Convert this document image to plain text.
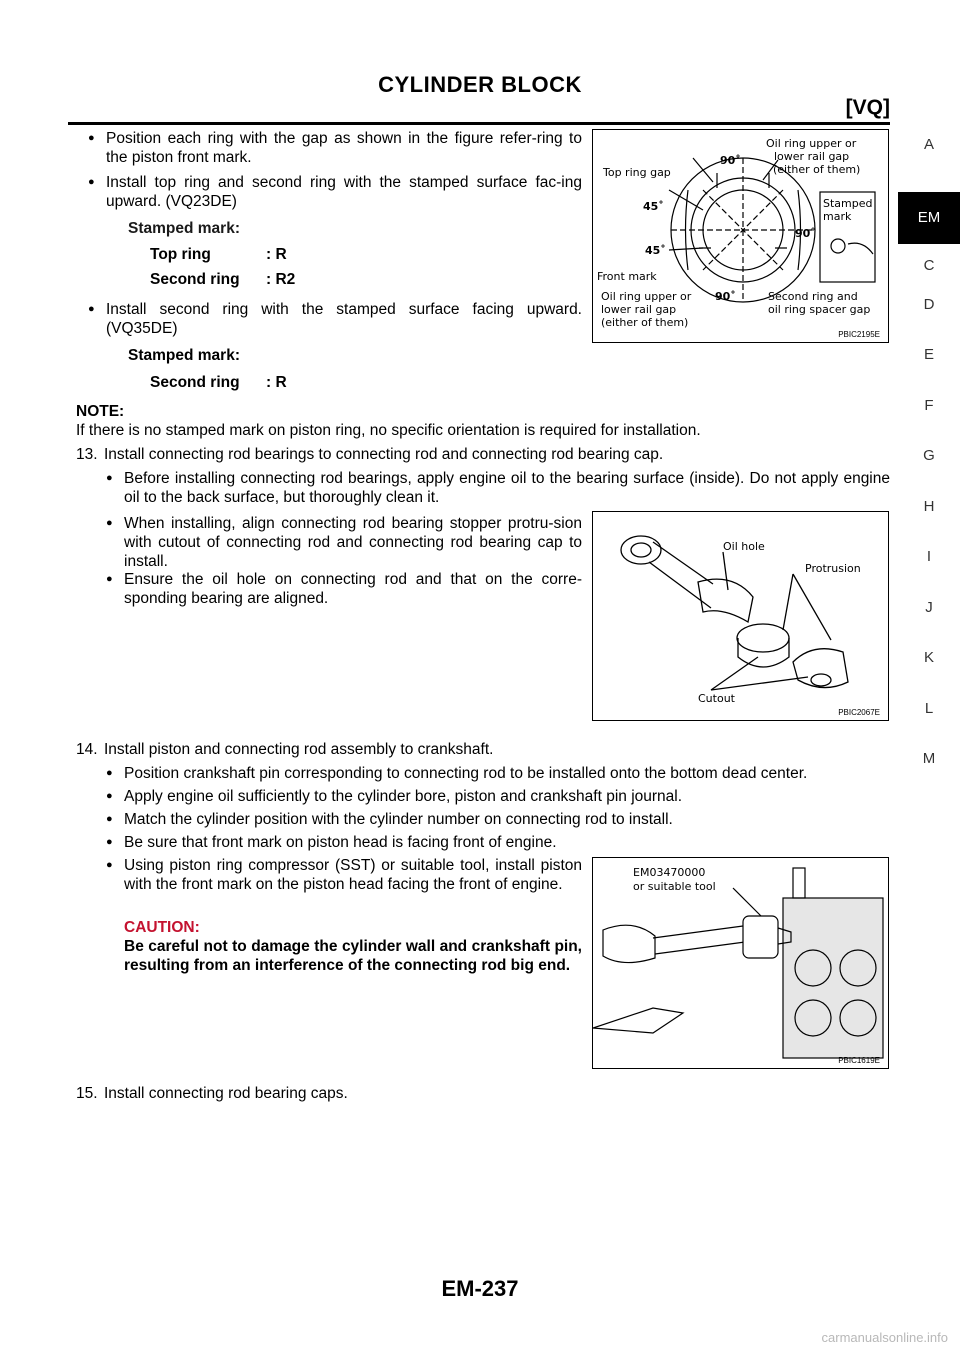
CYLINDER BLOCK
[VQ]
A
EM
C
D
E
F
G
H
I
J
K
L
M
● Position each ring with the gap as shown in the figure refer-ring to the piston front mark.
● Install top ring and second ring with the stamped surface fac-ing upward. (VQ23DE)
Stamped mark:
Top ring	: R
Second ring : R2
● Install second ring with the stamped surface facing upward. (VQ35DE)
Stamped mark:
Second ring : R
NOTE:
If there is no stamped mark on piston ring, no specific orientation is required for installation.
Top ring gap
Oil ring upper or
lower rail gap
(either of them)
Stamped
mark
90˚
45˚
45˚
90˚
90˚
Front mark
Oil ring upper or
lower rail gap
(either of them)
Second ring and
oil ring spacer gap
PBIC2195E
13. Install connecting rod bearings to connecting rod and connecting rod bearing cap.
● Before installing connecting rod bearings, apply engine oil to the bearing surface (inside). Do not apply engine oil to the back surface, but thoroughly clean it.
● When installing, align connecting rod bearing stopper protru-sion with cutout of connecting rod and connecting rod bearing cap to install.
● Ensure the oil hole on connecting rod and that on the corre-sponding bearing are aligned.
Oil hole
Protrusion
Cutout
PBIC2067E
14. Install piston and connecting rod assembly to crankshaft.
● Position crankshaft pin corresponding to connecting rod to be installed onto the bottom dead center.
● Apply engine oil sufficiently to the cylinder bore, piston and crankshaft pin journal.
● Match the cylinder position with the cylinder number on connecting rod to install.
● Be sure that front mark on piston head is facing front of engine.
● Using piston ring compressor (SST) or suitable tool, install piston with the front mark on the piston head facing the front of engine.
CAUTION:
Be careful not to damage the cylinder wall and crankshaft pin, resulting from an interference of the connecting rod big end.
EM03470000
or suitable tool
PBIC1619E
15. Install connecting rod bearing caps.
EM-237
carmanualsonline.info
